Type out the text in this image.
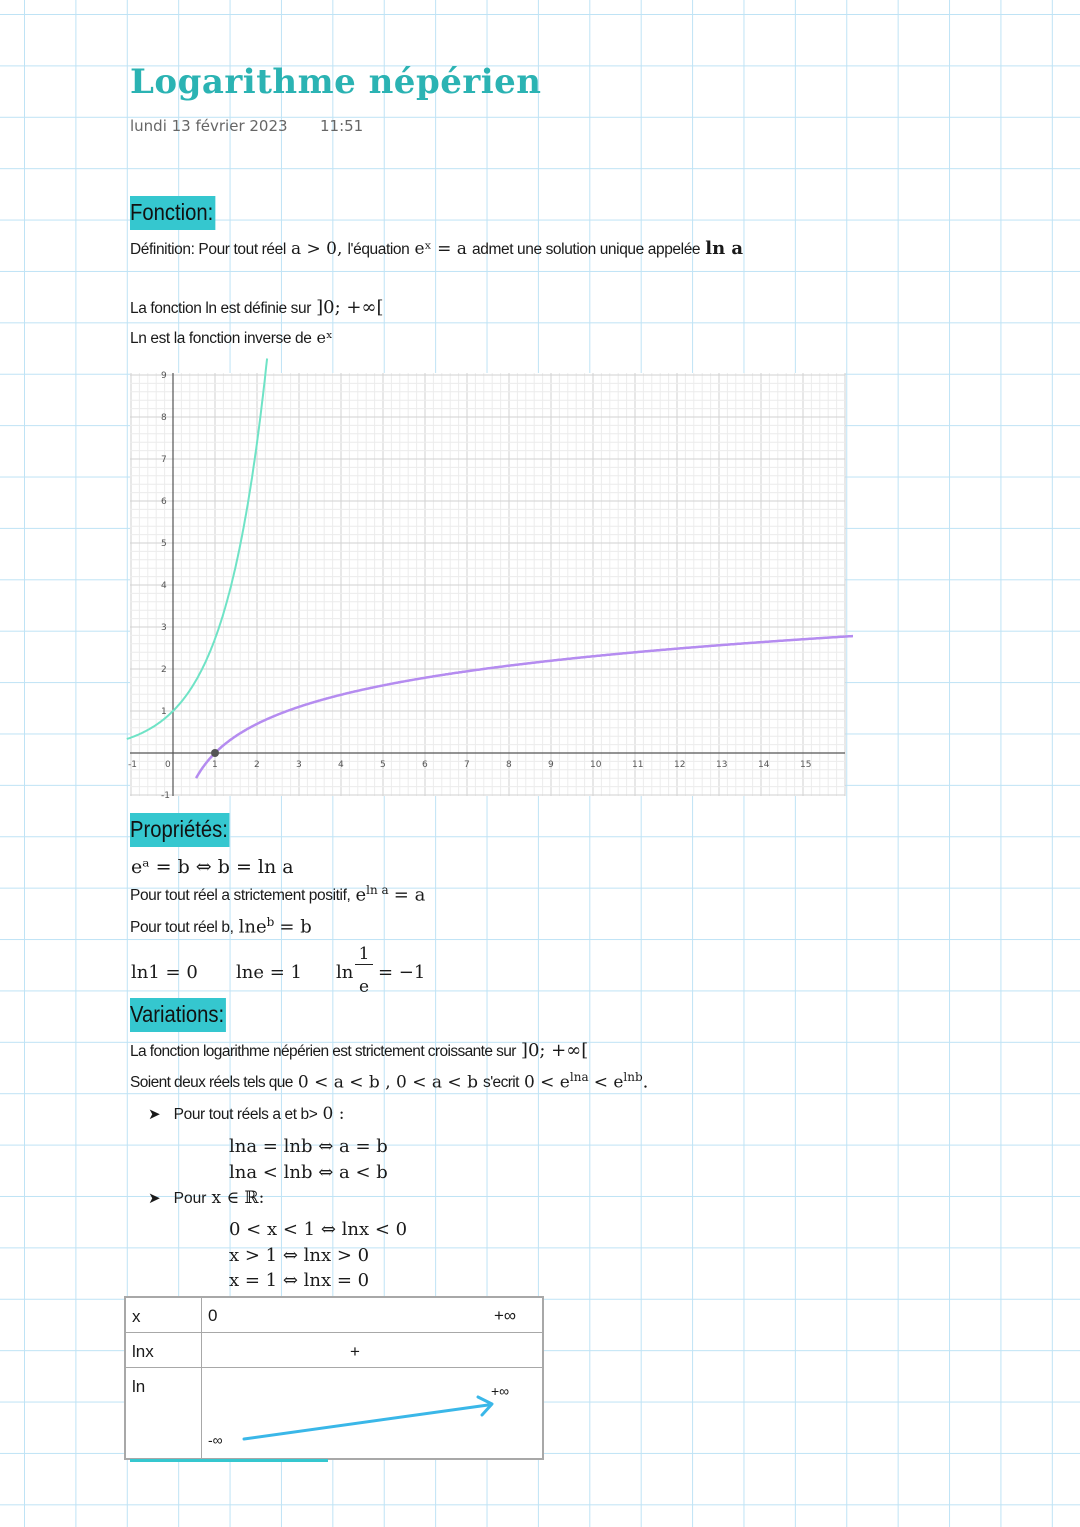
Logarithme népérien
lundi 13 février 2023 11:51
Fonction:
Définition: Pour tout réel a > 0, l'équation eˣ = a admet une solution unique appelée ln a
La fonction ln est définie sur ]0; +∞[
Ln est la fonction inverse de eˣ
-1	0	1	2	3	4	5	6	7	8	9	10	11	12	13	14	15
-1
1
2
3
4
5
6
7
8
9
Propriétés:
eᵃ = b ⇔ b = ln a
Pour tout réel a strictement positif, $e^{ln a} = a$
Pour tout réel b, lne$^b$ = b
ln1 = 0 lne = 1 ln
1
e
= −1
Variations:
La fonction logarithme népérien est strictement croissante sur ]0; +∞[
Soient deux réels tels que 0 < a < b , 0 < a < b s'ecrit $0 < e^{lna} < e^{lnb}$.
➤ Pour tout réels a et b> 0 :
lna = lnb ⇔ a = b
lna < lnb ⇔ a < b
➤ Pour x ∈ ℝ:
0 < x < 1 ⇔ lnx < 0
x > 1 ⇔ lnx > 0
x = 1 ⇔ lnx = 0
x	0	+∞
lnx	+
ln
-∞
+∞
